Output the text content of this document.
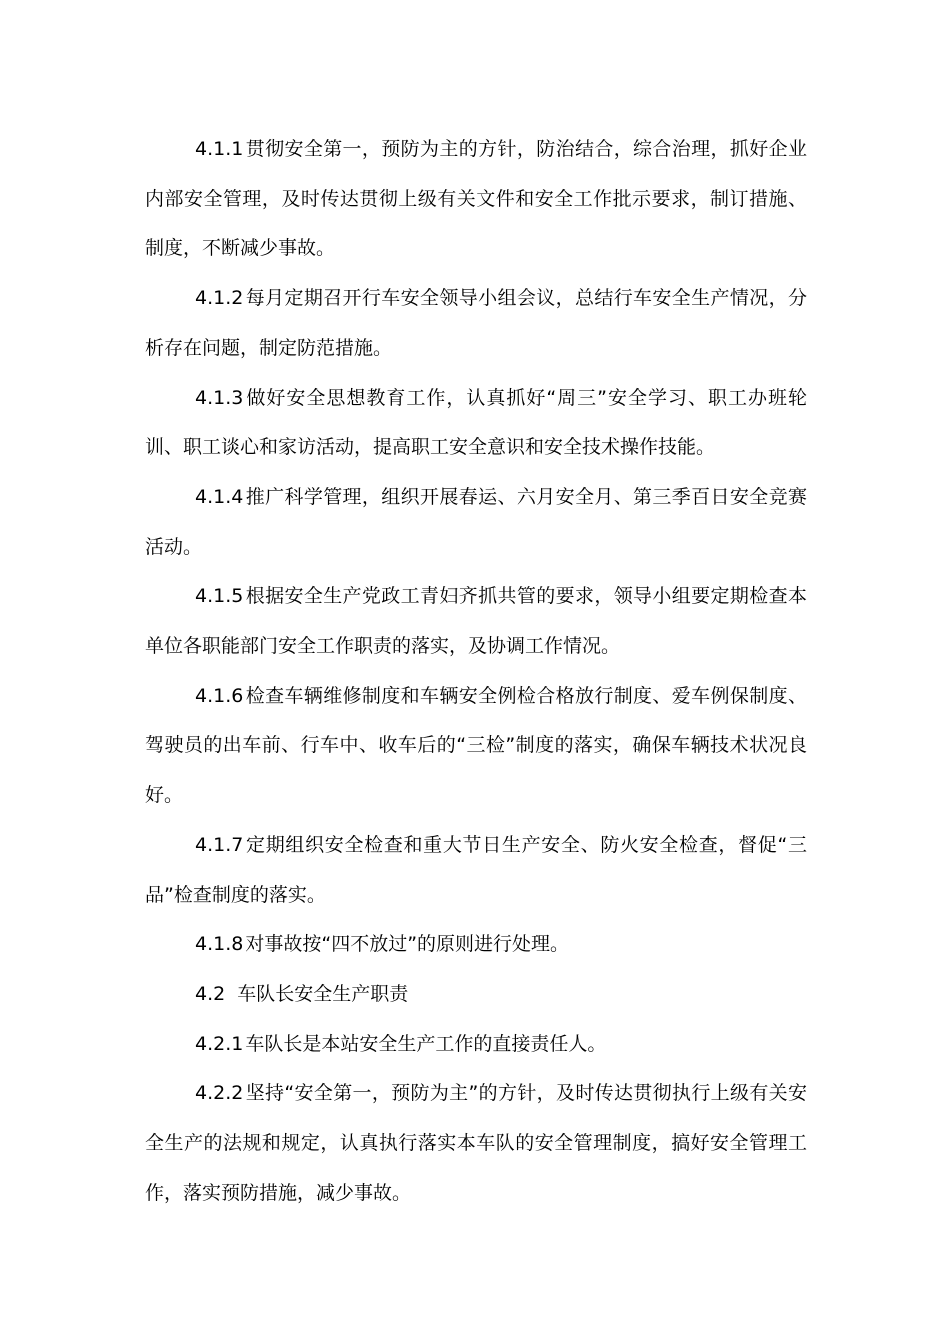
4.1.1 贯彻安全第一，预防为主的方针，防治结合，综合治理，抓好企业内部安全管理，及时传达贯彻上级有关文件和安全工作批示要求，制订措施、制度，不断减少事故。

4.1.2 每月定期召开行车安全领导小组会议，总结行车安全生产情况，分析存在问题，制定防范措施。

4.1.3 做好安全思想教育工作，认真抓好“周三”安全学习、职工办班轮训、职工谈心和家访活动，提高职工安全意识和安全技术操作技能。

4.1.4 推广科学管理，组织开展春运、六月安全月、第三季百日安全竞赛活动。

4.1.5 根据安全生产党政工青妇齐抓共管的要求，领导小组要定期检查本单位各职能部门安全工作职责的落实，及协调工作情况。

4.1.6 检查车辆维修制度和车辆安全例检合格放行制度、爱车例保制度、驾驶员的出车前、行车中、收车后的“三检”制度的落实，确保车辆技术状况良好。

4.1.7 定期组织安全检查和重大节日生产安全、防火安全检查，督促“三品”检查制度的落实。

4.1.8 对事故按“四不放过”的原则进行处理。

4.2 车队长安全生产职责

4.2.1 车队长是本站安全生产工作的直接责任人。

4.2.2 坚持“安全第一，预防为主”的方针，及时传达贯彻执行上级有关安全生产的法规和规定，认真执行落实本车队的安全管理制度，搞好安全管理工作，落实预防措施，减少事故。
